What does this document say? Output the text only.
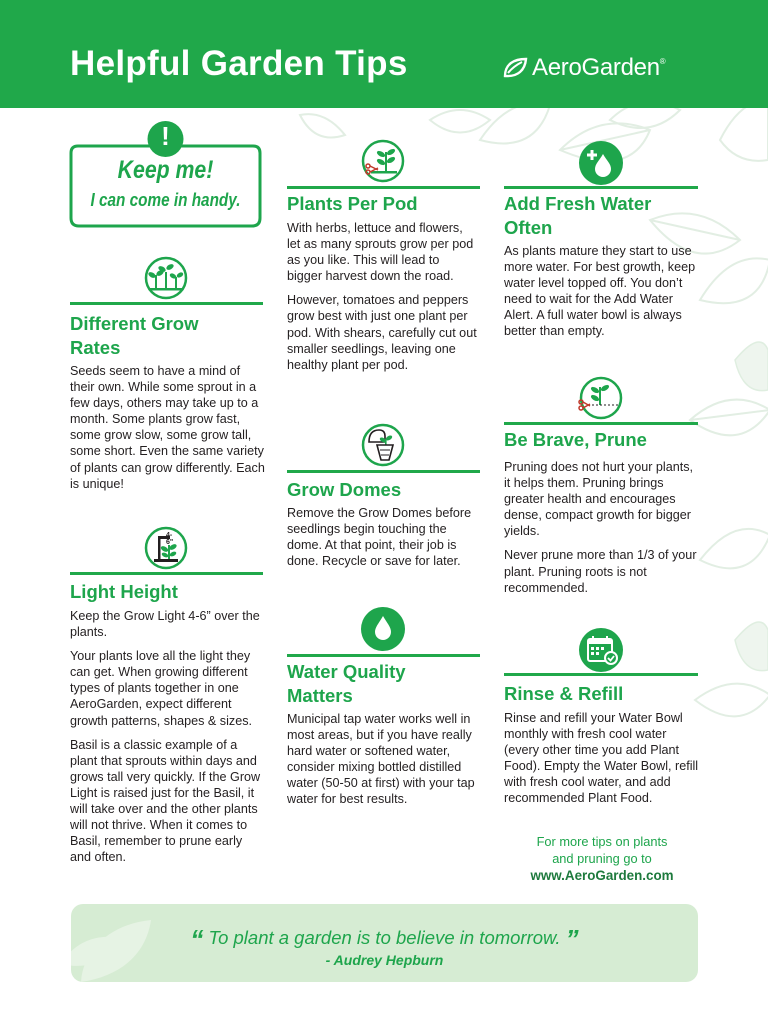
Helpful Garden Tips	AeroGarden ®
!
Keep me!
I can come in handy.
Different Grow
Rates

Seeds seem to have a mind of their own. While some sprout in a few days, others may take up to a month. Some plants grow fast, some grow slow, some grow tall, some short. Even the same variety of plants can grow differently. Each is unique!

4-6"
Light Height

Keep the Grow Light 4-6” over the plants.

Your plants love all the light they can get. When growing different types of plants together in one AeroGarden, expect different growth patterns, shapes & sizes.

Basil is a classic example of a plant that sprouts within days and grows tall very quickly. If the Grow Light is raised just for the Basil, it will take over and the other plants will not thrive. When it comes to Basil, remember to prune early and often.

Plants Per Pod

With herbs, lettuce and flowers, let as many sprouts grow per pod as you like. This will lead to bigger harvest down the road.

However, tomatoes and peppers grow best with just one plant per pod. With shears, carefully cut out smaller seedlings, leaving one healthy plant per pod.

Grow Domes

Remove the Grow Domes before seedlings begin touching the dome. At that point, their job is done. Recycle or save for later.

Water Quality
Matters

Municipal tap water works well in most areas, but if you have really hard water or softened water, consider mixing bottled distilled water (50-50 at first) with your tap water for best results.

Add Fresh Water
Often

As plants mature they start to use more water. For best growth, keep water level topped off. You don’t need to wait for the Add Water Alert. A full water bowl is always better than empty.

Be Brave, Prune

Pruning does not hurt your plants, it helps them. Pruning brings greater health and encourages dense, compact growth for bigger yields.

Never prune more than 1/3 of your plant. Pruning roots is not recommended.

Rinse & Refill

Rinse and refill your Water Bowl monthly with fresh cool water (every other time you add Plant Food). Empty the Water Bowl, refill with fresh cool water, and add recommended Plant Food.

For more tips on plants
and pruning go to
www.AeroGarden.com
“ To plant a garden is to believe in tomorrow. ”
- Audrey Hepburn
